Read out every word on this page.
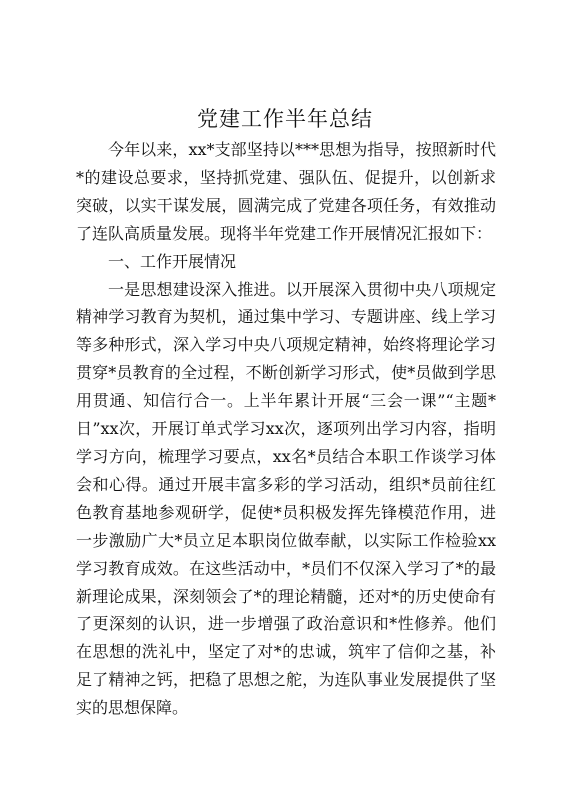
党建工作半年总结

今年以来，xx*支部坚持以***思想为指导，按照新时代*的建设总要求，坚持抓党建、强队伍、促提升，以创新求突破，以实干谋发展，圆满完成了党建各项任务，有效推动了连队高质量发展。现将半年党建工作开展情况汇报如下：

一、工作开展情况

一是思想建设深入推进。以开展深入贯彻中央八项规定精神学习教育为契机，通过集中学习、专题讲座、线上学习等多种形式，深入学习中央八项规定精神，始终将理论学习贯穿*员教育的全过程，不断创新学习形式，使*员做到学思用贯通、知信行合一。上半年累计开展“三会一课”“主题*日”xx次，开展订单式学习xx次，逐项列出学习内容，指明学习方向，梳理学习要点，xx名*员结合本职工作谈学习体会和心得。通过开展丰富多彩的学习活动，组织*员前往红色教育基地参观研学，促使*员积极发挥先锋模范作用，进一步激励广大*员立足本职岗位做奉献，以实际工作检验xx学习教育成效。在这些活动中，*员们不仅深入学习了*的最新理论成果，深刻领会了*的理论精髓，还对*的历史使命有了更深刻的认识，进一步增强了政治意识和*性修养。他们在思想的洗礼中，坚定了对*的忠诚，筑牢了信仰之基，补足了精神之钙，把稳了思想之舵，为连队事业发展提供了坚实的思想保障。
